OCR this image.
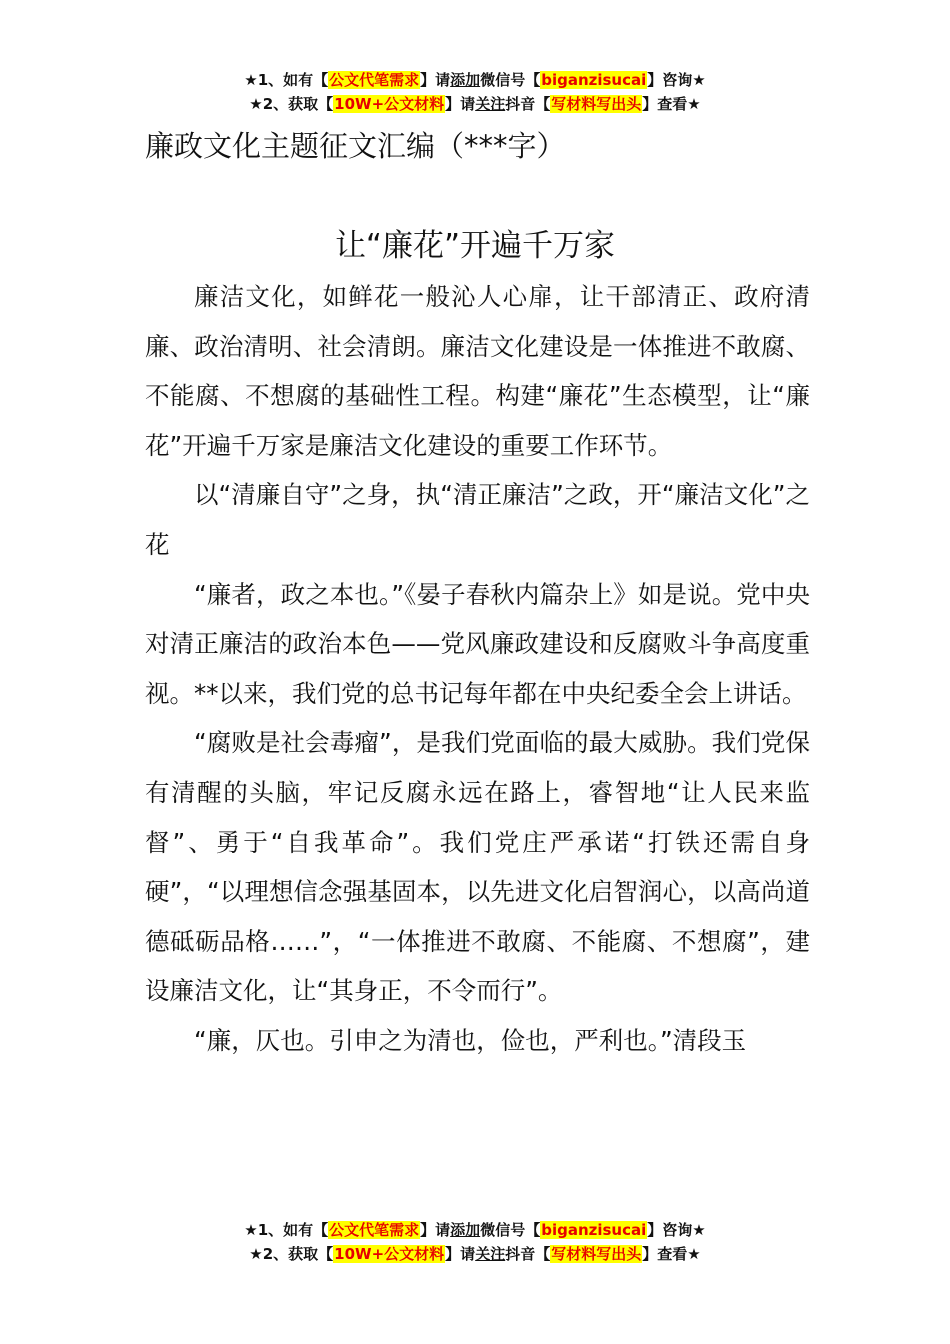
★1、如有【公文代笔需求】请添加微信号【biganzisucai】咨询★
★2、获取【10W+公文材料】请关注抖音【写材料写出头】查看★
廉政文化主题征文汇编（***字）
让“廉花”开遍千万家

廉洁文化，如鲜花一般沁人心扉，让干部清正、政府清廉、政治清明、社会清朗。廉洁文化建设是一体推进不敢腐、不能腐、不想腐的基础性工程。构建“廉花”生态模型，让“廉花”开遍千万家是廉洁文化建设的重要工作环节。

以“清廉自守”之身，执“清正廉洁”之政，开“廉洁文化”之花

“廉者，政之本也。”《晏子春秋内篇杂上》如是说。党中央对清正廉洁的政治本色——党风廉政建设和反腐败斗争高度重视。**以来，我们党的总书记每年都在中央纪委全会上讲话。

“腐败是社会毒瘤”，是我们党面临的最大威胁。我们党保有清醒的头脑，牢记反腐永远在路上，睿智地“让人民来监督”、勇于“自我革命”。我们党庄严承诺“打铁还需自身硬”，“以理想信念强基固本，以先进文化启智润心，以高尚道德砥砺品格……”，“一体推进不敢腐、不能腐、不想腐”，建设廉洁文化，让“其身正，不令而行”。

“廉，仄也。引申之为清也，俭也，严利也。”清段玉

★1、如有【公文代笔需求】请添加微信号【biganzisucai】咨询★
★2、获取【10W+公文材料】请关注抖音【写材料写出头】查看★
